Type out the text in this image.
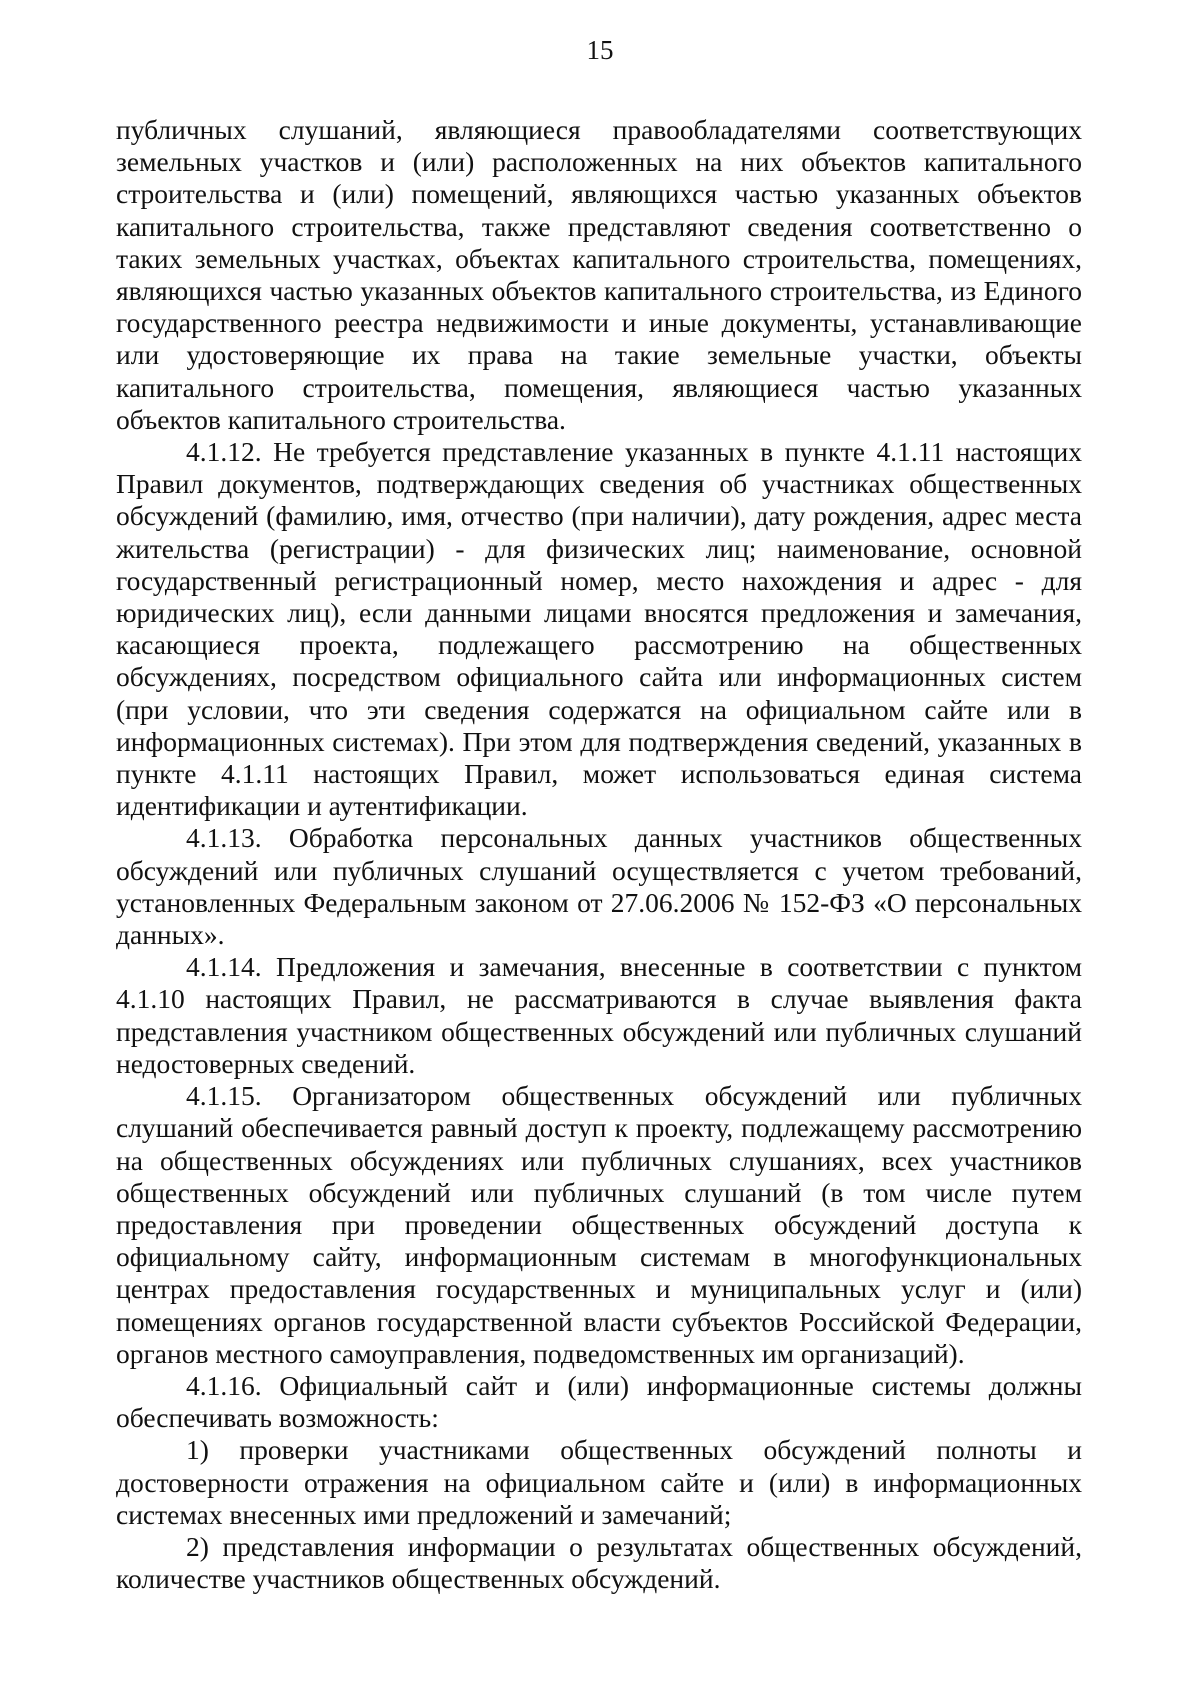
15

публичных слушаний, являющиеся правообладателями соответствующих земельных участков и (или) расположенных на них объектов капитального строительства и (или) помещений, являющихся частью указанных объектов капитального строительства, также представляют сведения соответственно о таких земельных участках, объектах капитального строительства, помещениях, являющихся частью указанных объектов капитального строительства, из Единого государственного реестра недвижимости и иные документы, устанавливающие или удостоверяющие их права на такие земельные участки, объекты капитального строительства, помещения, являющиеся частью указанных объектов капитального строительства.

4.1.12. Не требуется представление указанных в пункте 4.1.11 настоящих Правил документов, подтверждающих сведения об участниках общественных обсуждений (фамилию, имя, отчество (при наличии), дату рождения, адрес места жительства (регистрации) - для физических лиц; наименование, основной государственный регистрационный номер, место нахождения и адрес - для юридических лиц), если данными лицами вносятся предложения и замечания, касающиеся проекта, подлежащего рассмотрению на общественных обсуждениях, посредством официального сайта или информационных систем (при условии, что эти сведения содержатся на официальном сайте или в информационных системах). При этом для подтверждения сведений, указанных в пункте 4.1.11 настоящих Правил, может использоваться единая система идентификации и аутентификации.

4.1.13. Обработка персональных данных участников общественных обсуждений или публичных слушаний осуществляется с учетом требований, установленных Федеральным законом от 27.06.2006 № 152-ФЗ «О персональных данных».

4.1.14. Предложения и замечания, внесенные в соответствии с пунктом 4.1.10 настоящих Правил, не рассматриваются в случае выявления факта представления участником общественных обсуждений или публичных слушаний недостоверных сведений.

4.1.15. Организатором общественных обсуждений или публичных слушаний обеспечивается равный доступ к проекту, подлежащему рассмотрению на общественных обсуждениях или публичных слушаниях, всех участников общественных обсуждений или публичных слушаний (в том числе путем предоставления при проведении общественных обсуждений доступа к официальному сайту, информационным системам в многофункциональных центрах предоставления государственных и муниципальных услуг и (или) помещениях органов государственной власти субъектов Российской Федерации, органов местного самоуправления, подведомственных им организаций).

4.1.16. Официальный сайт и (или) информационные системы должны обеспечивать возможность:

1) проверки участниками общественных обсуждений полноты и достоверности отражения на официальном сайте и (или) в информационных системах внесенных ими предложений и замечаний;

2) представления информации о результатах общественных обсуждений, количестве участников общественных обсуждений.
